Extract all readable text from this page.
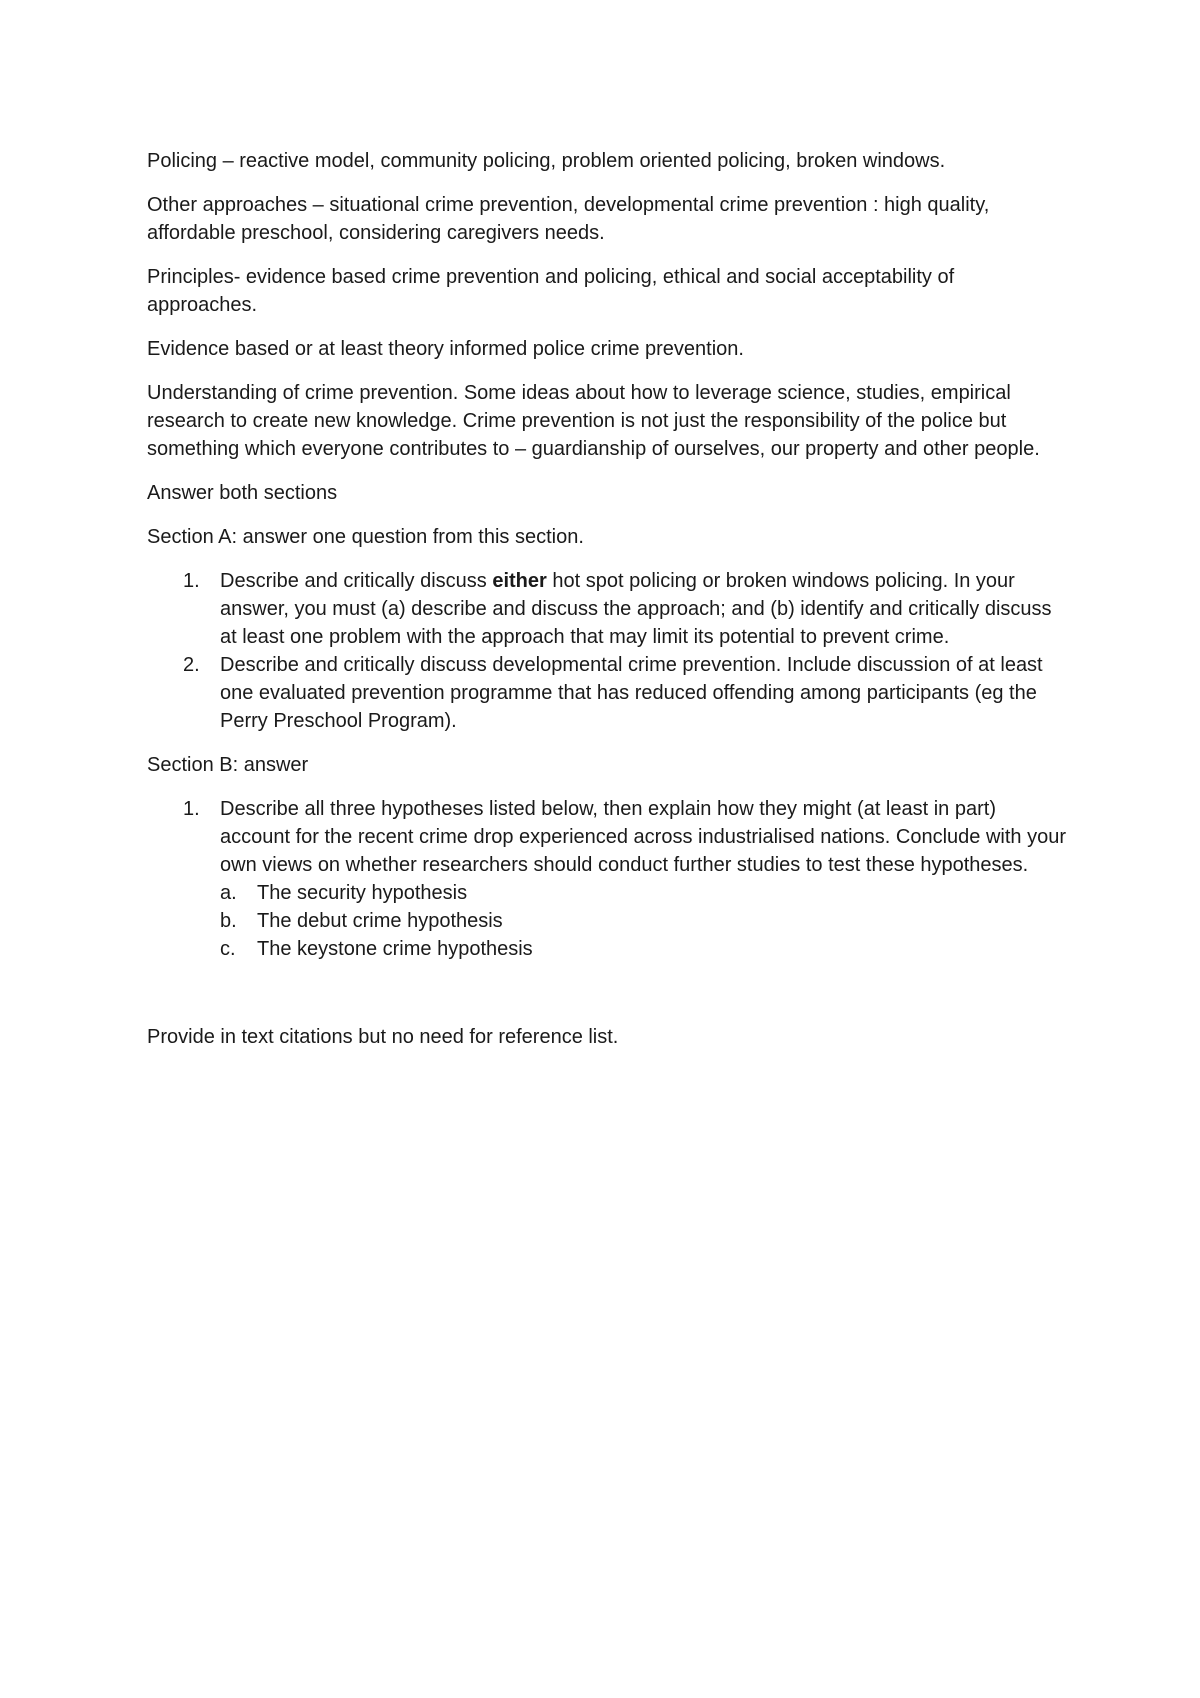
Policing – reactive model, community policing, problem oriented policing, broken windows.

Other approaches – situational crime prevention, developmental crime prevention : high quality, affordable preschool, considering caregivers needs.

Principles- evidence based crime prevention and policing, ethical and social acceptability of approaches.

Evidence based or at least theory informed police crime prevention.

Understanding of crime prevention. Some ideas about how to leverage science, studies, empirical research to create new knowledge. Crime prevention is not just the responsibility of the police but something which everyone contributes to – guardianship of ourselves, our property and other people.

Answer both sections

Section A: answer one question from this section.

1. Describe and critically discuss either hot spot policing or broken windows policing. In your answer, you must (a) describe and discuss the approach; and (b) identify and critically discuss at least one problem with the approach that may limit its potential to prevent crime.
2. Describe and critically discuss developmental crime prevention. Include discussion of at least one evaluated prevention programme that has reduced offending among participants (eg the Perry Preschool Program).

Section B: answer

1. Describe all three hypotheses listed below, then explain how they might (at least in part) account for the recent crime drop experienced across industrialised nations. Conclude with your own views on whether researchers should conduct further studies to test these hypotheses.
a. The security hypothesis
b. The debut crime hypothesis
c. The keystone crime hypothesis

Provide in text citations but no need for reference list.
